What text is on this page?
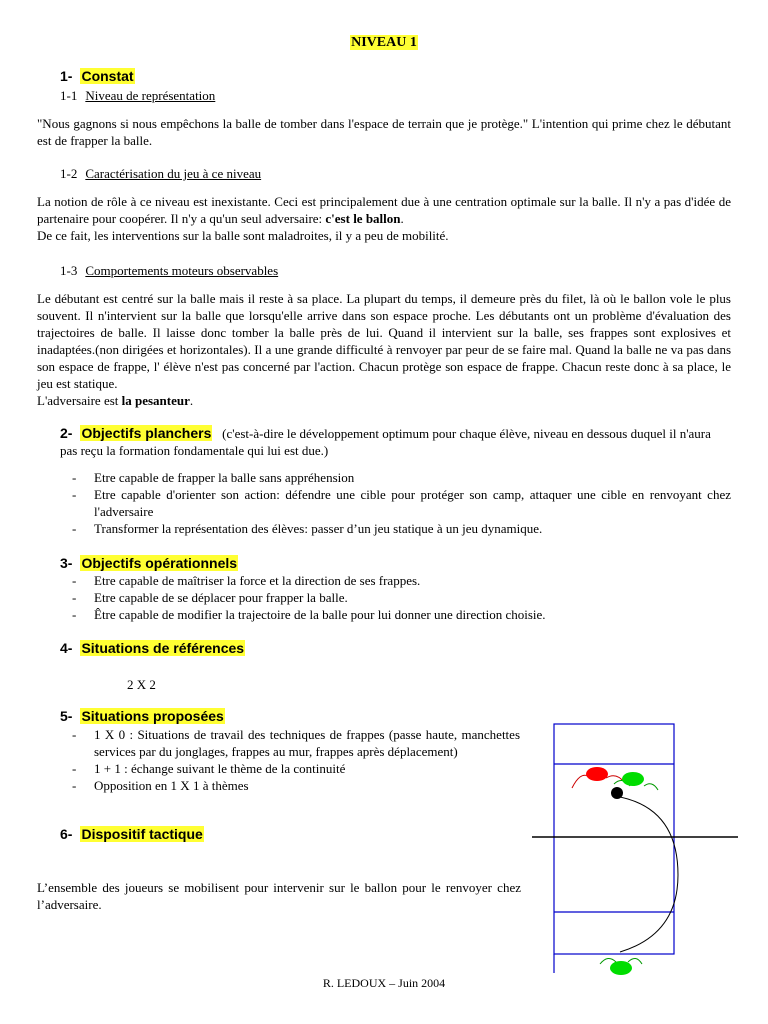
NIVEAU 1
1- Constat
1-1 Niveau de représentation
"Nous gagnons si nous empêchons la balle de tomber dans l'espace de terrain que je protège." L'intention qui prime chez le débutant est de frapper la balle.
1-2 Caractérisation du jeu à ce niveau
La notion de rôle à ce niveau est inexistante. Ceci est principalement due à une centration optimale sur la balle. Il n'y a pas d'idée de partenaire pour coopérer. Il n'y a qu'un seul adversaire: c'est le ballon.
De ce fait, les interventions sur la balle sont maladroites, il y a peu de mobilité.
1-3 Comportements moteurs observables
Le débutant est centré sur la balle mais il reste à sa place. La plupart du temps, il demeure près du filet, là où le ballon vole le plus souvent. Il n'intervient sur la balle que lorsqu'elle arrive dans son espace proche. Les débutants ont un problème d'évaluation des trajectoires de balle. Il laisse donc tomber la balle près de lui. Quand il intervient sur la balle, ses frappes sont explosives et inadaptées.(non dirigées et horizontales). Il a une grande difficulté à renvoyer par peur de se faire mal. Quand la balle ne va pas dans son espace de frappe, l' élève n'est pas concerné par l'action. Chacun protège son espace de frappe. Chacun reste donc à sa place, le jeu est statique.
L'adversaire est la pesanteur.
2- Objectifs planchers (c'est-à-dire le développement optimum pour chaque élève, niveau en dessous duquel il n'aura pas reçu la formation fondamentale qui lui est due.)
- Etre capable de frapper la balle sans appréhension
- Etre capable d'orienter son action: défendre une cible pour protéger son camp, attaquer une cible en renvoyant chez l'adversaire
- Transformer la représentation des élèves: passer d’un jeu statique à un jeu dynamique.
3- Objectifs opérationnels
- Etre capable de maîtriser la force et la direction de ses frappes.
- Etre capable de se déplacer pour frapper la balle.
- Être capable de modifier la trajectoire de la balle pour lui donner une direction choisie.
4- Situations de références
2 X 2
5- Situations proposées
- 1 X 0 : Situations de travail des techniques de frappes (passe haute, manchettes services par du jonglages, frappes au mur, frappes après déplacement)
- 1 + 1 : échange suivant le thème de la continuité
- Opposition en 1 X 1 à thèmes
6- Dispositif tactique
L’ensemble des joueurs se mobilisent pour intervenir sur le ballon pour le renvoyer chez l’adversaire.
R. LEDOUX – Juin 2004
